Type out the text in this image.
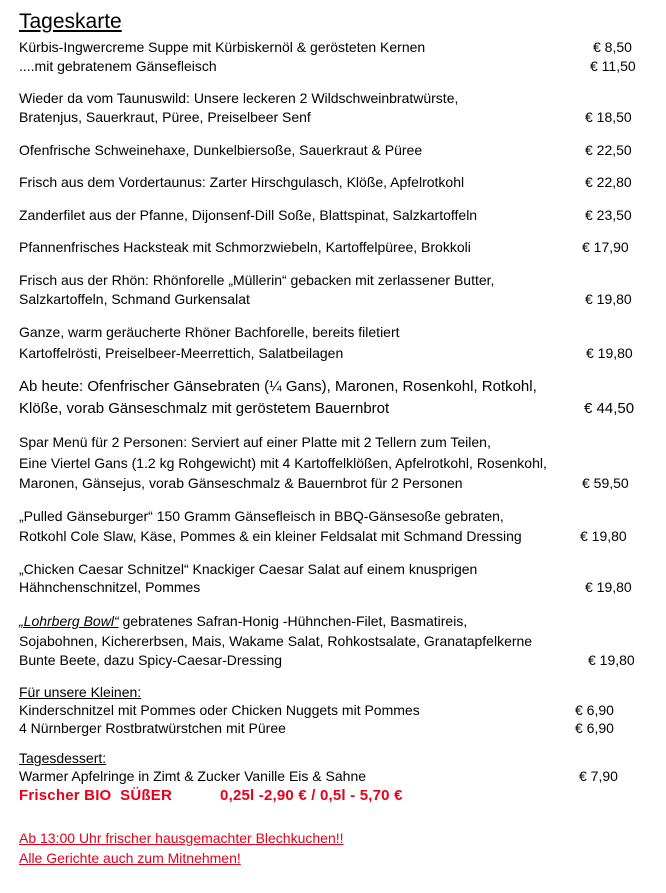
Tageskarte
Kürbis-Ingwercreme Suppe mit Kürbiskernöl & gerösteten Kernen	€ 8,50
....mit gebratenem Gänsefleisch	€ 11,50
Wieder da vom Taunuswild: Unsere leckeren 2 Wildschweinbratwürste,
Bratenjus, Sauerkraut, Püree, Preiselbeer Senf	€ 18,50
Ofenfrische Schweinehaxe, Dunkelbiersoße, Sauerkraut & Püree	€ 22,50
Frisch aus dem Vordertaunus: Zarter Hirschgulasch, Klöße, Apfelrotkohl	€ 22,80
Zanderfilet aus der Pfanne, Dijonsenf-Dill Soße, Blattspinat, Salzkartoffeln	€ 23,50
Pfannenfrisches Hacksteak mit Schmorzwiebeln, Kartoffelpüree, Brokkoli	€ 17,90
Frisch aus der Rhön: Rhönforelle „Müllerin“ gebacken mit zerlassener Butter,
Salzkartoffeln, Schmand Gurkensalat	€ 19,80
Ganze, warm geräucherte Rhöner Bachforelle, bereits filetiert
Kartoffelrösti, Preiselbeer-Meerrettich, Salatbeilagen	€ 19,80
Ab heute: Ofenfrischer Gänsebraten (¼ Gans), Maronen, Rosenkohl, Rotkohl,
Klöße, vorab Gänseschmalz mit geröstetem Bauernbrot	€ 44,50
Spar Menü für 2 Personen: Serviert auf einer Platte mit 2 Tellern zum Teilen,
Eine Viertel Gans (1.2 kg Rohgewicht) mit 4 Kartoffelklößen, Apfelrotkohl, Rosenkohl,
Maronen, Gänsejus, vorab Gänseschmalz & Bauernbrot für 2 Personen	€ 59,50
„Pulled Gänseburger“ 150 Gramm Gänsefleisch in BBQ-Gänsesoße gebraten,
Rotkohl Cole Slaw, Käse, Pommes & ein kleiner Feldsalat mit Schmand Dressing	€ 19,80
„Chicken Caesar Schnitzel“ Knackiger Caesar Salat auf einem knusprigen
Hähnchenschnitzel, Pommes	€ 19,80
„Lohrberg Bowl“ gebratenes Safran-Honig -Hühnchen-Filet, Basmatireis,
Sojabohnen, Kichererbsen, Mais, Wakame Salat, Rohkostsalate, Granatapfelkerne
Bunte Beete, dazu Spicy-Caesar-Dressing	€ 19,80
Für unsere Kleinen:
Kinderschnitzel mit Pommes oder Chicken Nuggets mit Pommes	€ 6,90
4 Nürnberger Rostbratwürstchen mit Püree	€ 6,90
Tagesdessert:
Warmer Apfelringe in Zimt & Zucker Vanille Eis & Sahne	€ 7,90
Frischer BIO  SÜßER           0,25l -2,90 € / 0,5l - 5,70 €
Ab 13:00 Uhr frischer hausgemachter Blechkuchen!!
Alle Gerichte auch zum Mitnehmen!
